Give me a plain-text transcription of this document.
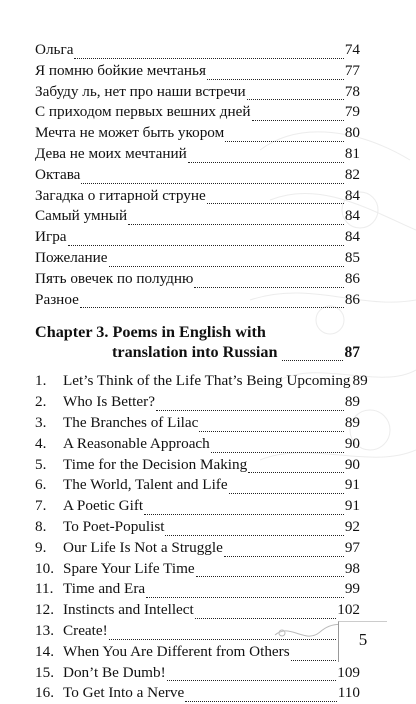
Ольга	74
Я помню бойкие мечтанья	77
Забуду ль, нет про наши встречи	78
С приходом первых вешних дней	79
Мечта не может быть укором	80
Дева не моих мечтаний	81
Октава	82
Загадка о гитарной струне	84
Самый умный	84
Игра	84
Пожелание	85
Пять овечек по полудню	86
Разное	86
Chapter 3. Poems in English with
translation into Russian	87
1.	Let’s Think of the Life That’s Being Upcoming 89
2.	Who Is Better?	89
3.	The Branches of Lilac	89
4.	A Reasonable Approach	90
5.	Time for the Decision Making	90
6.	The World, Talent and Life	91
7.	A Poetic Gift	91
8.	To Poet-Populist	92
9.	Our Life Is Not a Struggle	97
10. Spare Your Life Time	98
11. Time and Era	99
12. Instincts and Intellect	102
13. Create!
14. When You Are Different from Others
15. Don’t Be Dumb!	109
16. To Get Into a Nerve	110
5
